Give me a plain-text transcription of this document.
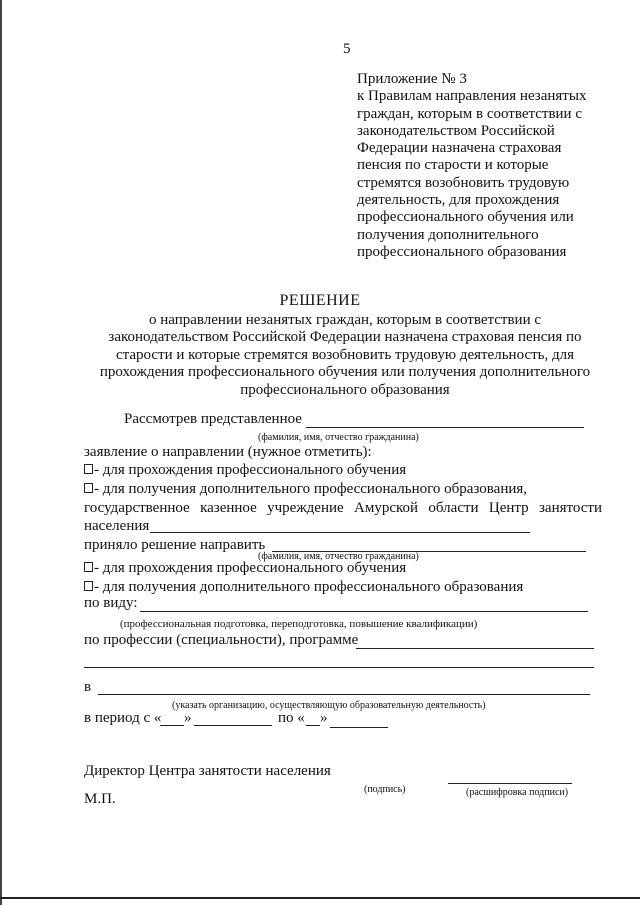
5
Приложение № 3
к Правилам направления незанятых
граждан, которым в соответствии с
законодательством Российской
Федерации назначена страховая
пенсия по старости и которые
стремятся возобновить трудовую
деятельность, для прохождения
профессионального обучения или
получения дополнительного
профессионального образования
РЕШЕНИЕ
о направлении незанятых граждан, которым в соответствии с
законодательством Российской Федерации назначена страховая пенсия по
старости и которые стремятся возобновить трудовую деятельность, для
прохождения профессионального обучения или получения дополнительного
профессионального образования
Рассмотрев представленное
(фамилия, имя, отчество гражданина)
заявление о направлении (нужное отметить):
- для прохождения профессионального обучения
- для получения дополнительного профессионального образования,
государственное казенное учреждение Амурской области Центр занятости
населения
приняло решение направить
(фамилия, имя, отчество гражданина)
- для прохождения профессионального обучения
- для получения дополнительного профессионального образования
по виду:
(профессиональная подготовка, переподготовка, повышение квалификации)
по профессии (специальности), программе
в
(указать организацию, осуществляющую образовательную деятельность)
в период с « »	по « »
Директор Центра занятости населения
(подпись)	(расшифровка подписи)
М.П.
